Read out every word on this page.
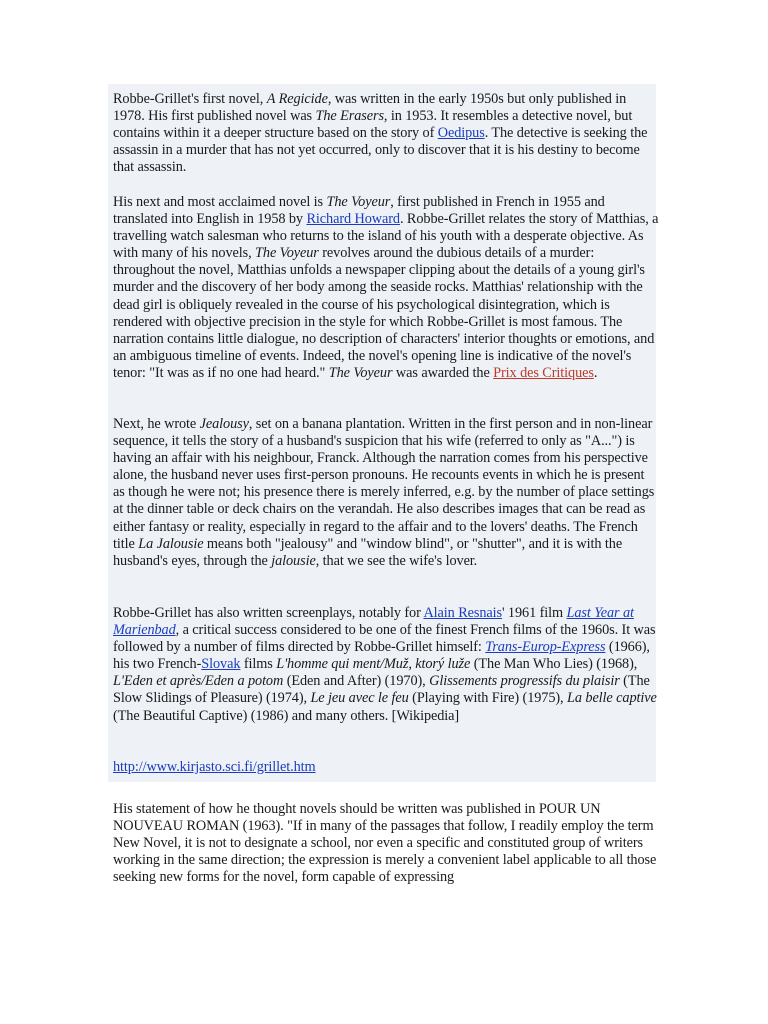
Robbe-Grillet's first novel, A Regicide, was written in the early 1950s but only published in 1978. His first published novel was The Erasers, in 1953. It resembles a detective novel, but contains within it a deeper structure based on the story of Oedipus. The detective is seeking the assassin in a murder that has not yet occurred, only to discover that it is his destiny to become that assassin.

His next and most acclaimed novel is The Voyeur, first published in French in 1955 and translated into English in 1958 by Richard Howard. Robbe-Grillet relates the story of Matthias, a travelling watch salesman who returns to the island of his youth with a desperate objective. As with many of his novels, The Voyeur revolves around the dubious details of a murder: throughout the novel, Matthias unfolds a newspaper clipping about the details of a young girl's murder and the discovery of her body among the seaside rocks. Matthias' relationship with the dead girl is obliquely revealed in the course of his psychological disintegration, which is rendered with objective precision in the style for which Robbe-Grillet is most famous. The narration contains little dialogue, no description of characters' interior thoughts or emotions, and an ambiguous timeline of events. Indeed, the novel's opening line is indicative of the novel's tenor: "It was as if no one had heard." The Voyeur was awarded the Prix des Critiques.

Next, he wrote Jealousy, set on a banana plantation. Written in the first person and in non-linear sequence, it tells the story of a husband's suspicion that his wife (referred to only as "A...") is having an affair with his neighbour, Franck. Although the narration comes from his perspective alone, the husband never uses first-person pronouns. He recounts events in which he is present as though he were not; his presence there is merely inferred, e.g. by the number of place settings at the dinner table or deck chairs on the verandah. He also describes images that can be read as either fantasy or reality, especially in regard to the affair and to the lovers' deaths. The French title La Jalousie means both "jealousy" and "window blind", or "shutter", and it is with the husband's eyes, through the jalousie, that we see the wife's lover.

Robbe-Grillet has also written screenplays, notably for Alain Resnais' 1961 film Last Year at Marienbad, a critical success considered to be one of the finest French films of the 1960s. It was followed by a number of films directed by Robbe-Grillet himself: Trans-Europ-Express (1966), his two French-Slovak films L'homme qui ment/Muž, ktorý luže (The Man Who Lies) (1968), L'Eden et après/Eden a potom (Eden and After) (1970), Glissements progressifs du plaisir (The Slow Slidings of Pleasure) (1974), Le jeu avec le feu (Playing with Fire) (1975), La belle captive (The Beautiful Captive) (1986) and many others. [Wikipedia]

http://www.kirjasto.sci.fi/grillet.htm

His statement of how he thought novels should be written was published in POUR UN NOUVEAU ROMAN (1963). "If in many of the passages that follow, I readily employ the term New Novel, it is not to designate a school, nor even a specific and constituted group of writers working in the same direction; the expression is merely a convenient label applicable to all those seeking new forms for the novel, form capable of expressing
